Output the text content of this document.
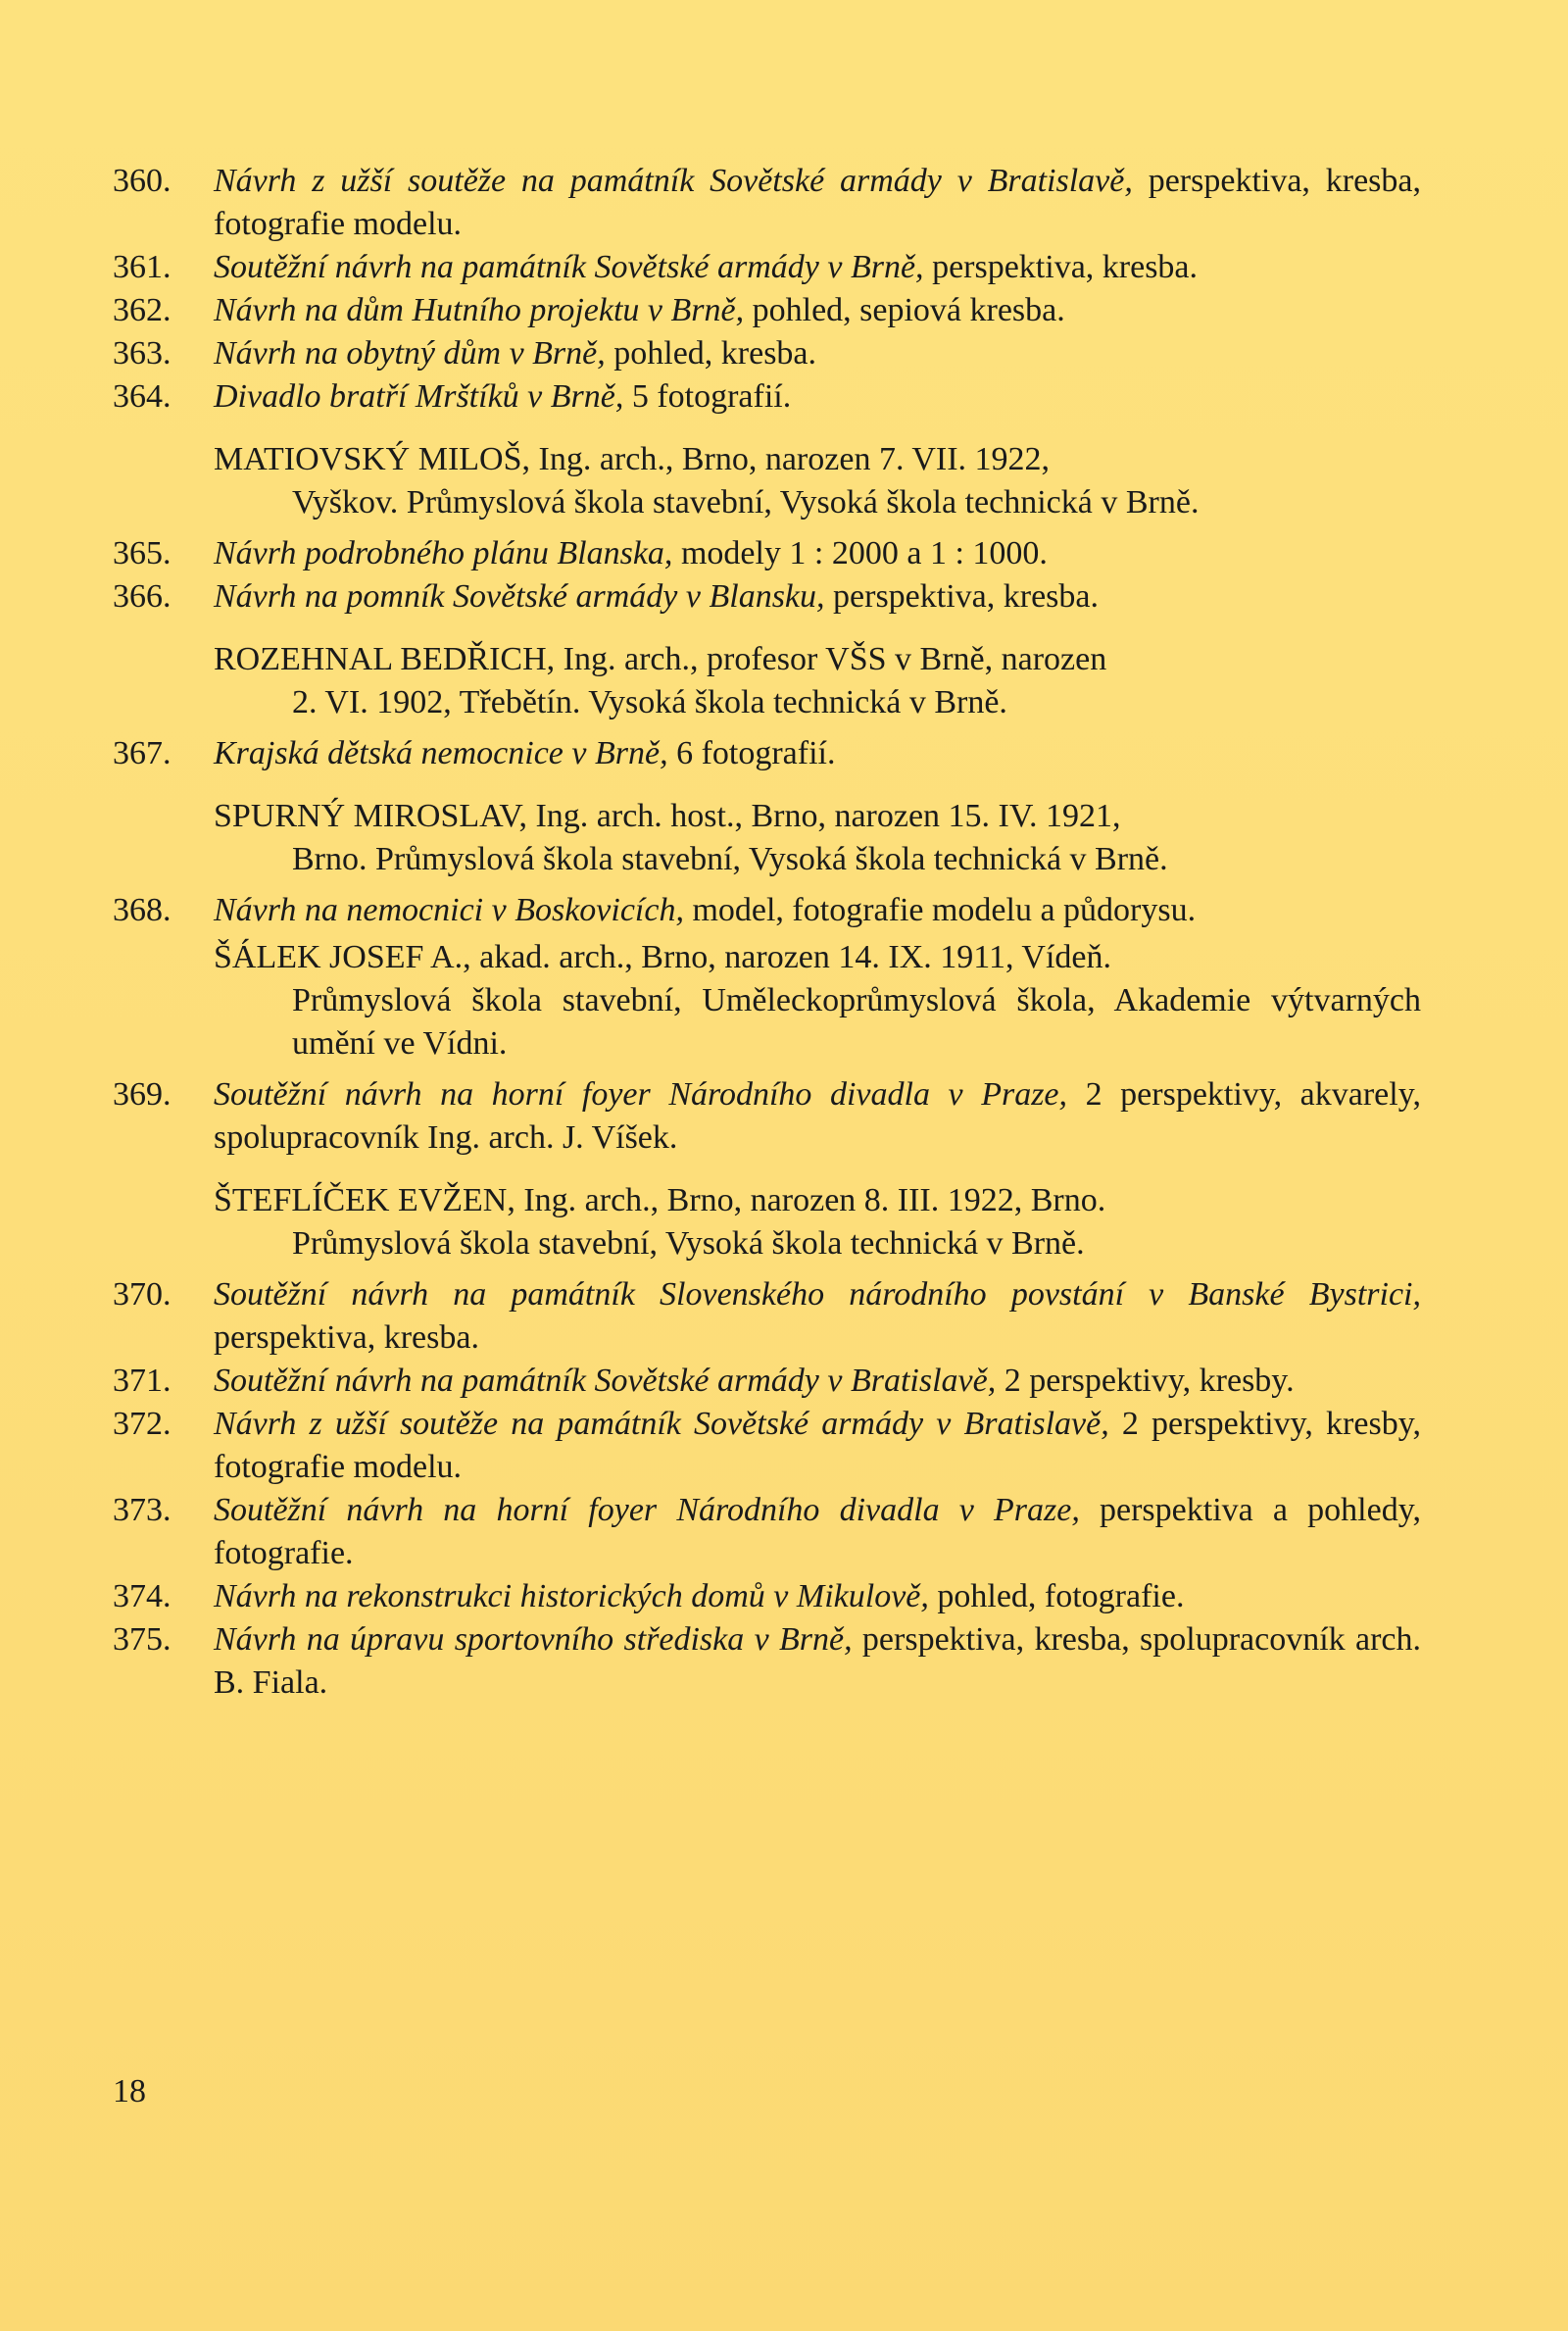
360.	Návrh z užší soutěže na památník Sovětské armády v Bratislavě, perspektiva, kresba, fotografie modelu.
361.	Soutěžní návrh na památník Sovětské armády v Brně, perspektiva, kresba.
362.	Návrh na dům Hutního projektu v Brně, pohled, sepiová kresba.
363.	Návrh na obytný dům v Brně, pohled, kresba.
364.	Divadlo bratří Mrštíků v Brně, 5 fotografií.
MATIOVSKÝ MILOŠ, Ing. arch., Brno, narozen 7. VII. 1922,
Vyškov. Průmyslová škola stavební, Vysoká škola technická v Brně.
365.	Návrh podrobného plánu Blanska, modely 1 : 2000 a 1 : 1000.
366.	Návrh na pomník Sovětské armády v Blansku, perspektiva, kresba.
ROZEHNAL BEDŘICH, Ing. arch., profesor VŠS v Brně, narozen
2. VI. 1902, Třebětín. Vysoká škola technická v Brně.
367.	Krajská dětská nemocnice v Brně, 6 fotografií.
SPURNÝ MIROSLAV, Ing. arch. host., Brno, narozen 15. IV. 1921,
Brno. Průmyslová škola stavební, Vysoká škola technická v Brně.
368.	Návrh na nemocnici v Boskovicích, model, fotografie modelu a půdorysu.
ŠÁLEK JOSEF A., akad. arch., Brno, narozen 14. IX. 1911, Vídeň.
Průmyslová škola stavební, Uměleckoprůmyslová škola, Akademie výtvarných umění ve Vídni.
369.	Soutěžní návrh na horní foyer Národního divadla v Praze, 2 perspektivy, akvarely, spolupracovník Ing. arch. J. Víšek.
ŠTEFLÍČEK EVŽEN, Ing. arch., Brno, narozen 8. III. 1922, Brno.
Průmyslová škola stavební, Vysoká škola technická v Brně.
370.	Soutěžní návrh na památník Slovenského národního povstání v Banské Bystrici, perspektiva, kresba.
371.	Soutěžní návrh na památník Sovětské armády v Bratislavě, 2 perspektivy, kresby.
372.	Návrh z užší soutěže na památník Sovětské armády v Bratislavě, 2 perspektivy, kresby, fotografie modelu.
373.	Soutěžní návrh na horní foyer Národního divadla v Praze, perspektiva a pohledy, fotografie.
374.	Návrh na rekonstrukci historických domů v Mikulově, pohled, fotografie.
375.	Návrh na úpravu sportovního střediska v Brně, perspektiva, kresba, spolupracovník arch. B. Fiala.
18
